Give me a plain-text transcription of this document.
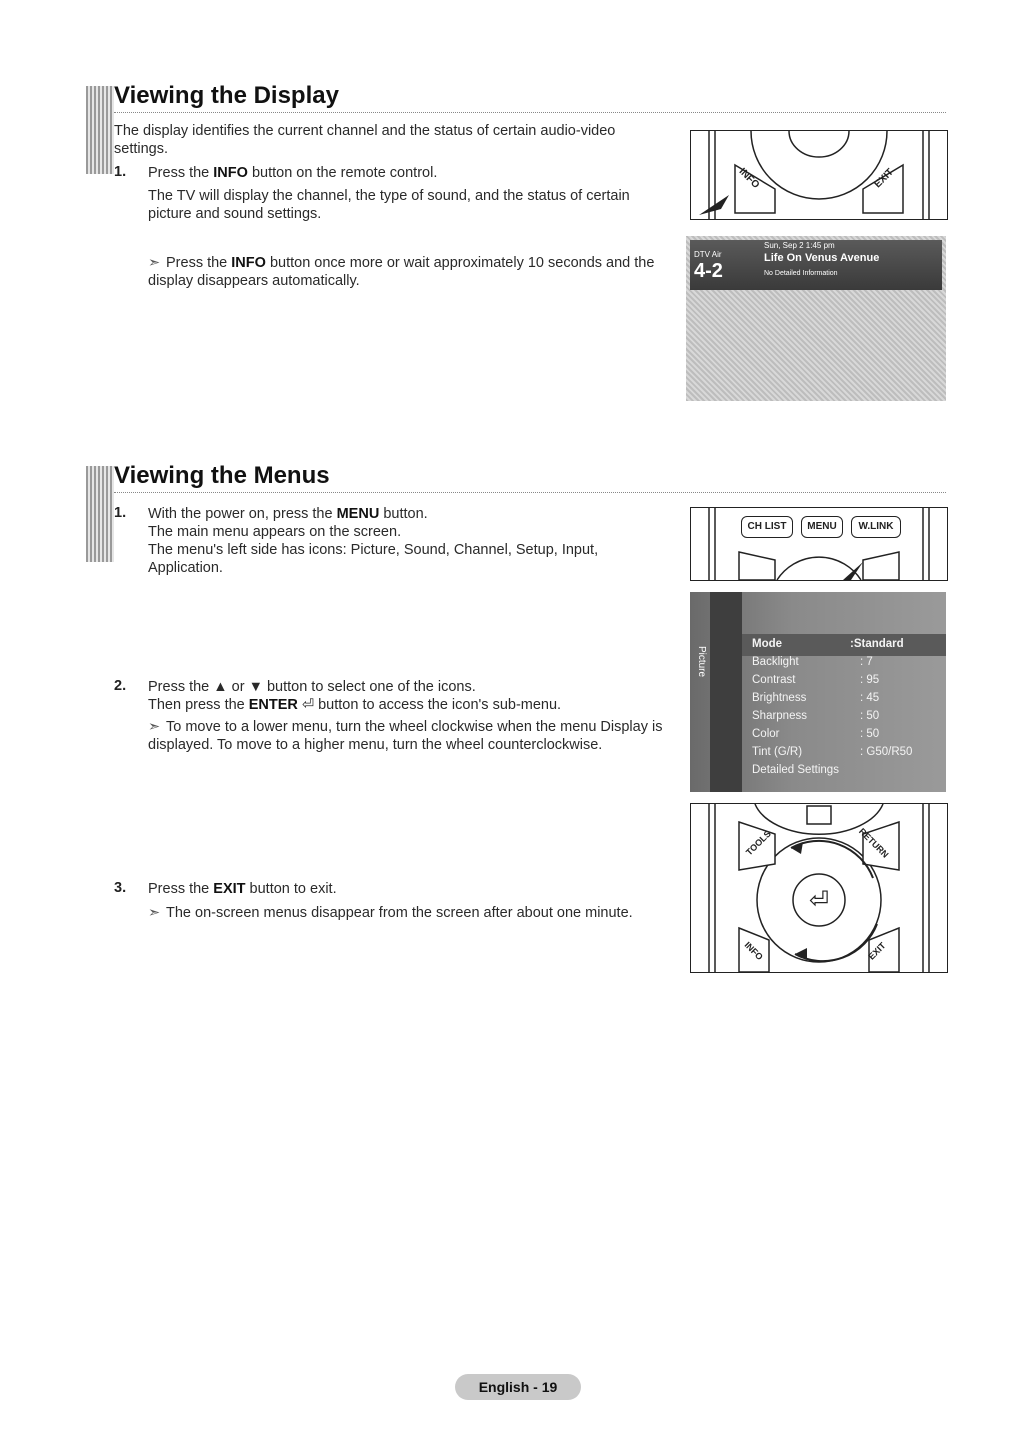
Viewing the Display
The display identifies the current channel and the status of certain audio-video settings.
1. Press the INFO button on the remote control.
The TV will display the channel, the type of sound, and the status of certain picture and sound settings.
➣ Press the INFO button once more or wait approximately 10 seconds and the display disappears automatically.
INFO	EXIT
DTV Air
4-2
Sun, Sep 2 1:45 pm
Life On Venus Avenue
No Detailed Information
Viewing the Menus
1. With the power on, press the MENU button.
The main menu appears on the screen.
The menu's left side has icons: Picture, Sound, Channel, Setup, Input, Application.
2. Press the ▲ or ▼ button to select one of the icons.
Then press the ENTER ⏎ button to access the icon's sub-menu.
➣ To move to a lower menu, turn the wheel clockwise when the menu Display is displayed. To move to a higher menu, turn the wheel counterclockwise.
3. Press the EXIT button to exit.
➣ The on-screen menus disappear from the screen after about one minute.
CH LIST	MENU	W.LINK
Picture
Mode	:Standard
Backlight	: 7
Contrast	: 95
Brightness	: 45
Sharpness	: 50
Color	: 50
Tint (G/R)	: G50/R50
Detailed Settings
⏎
TOOLS	RETURN
INFO	EXIT
English - 19
